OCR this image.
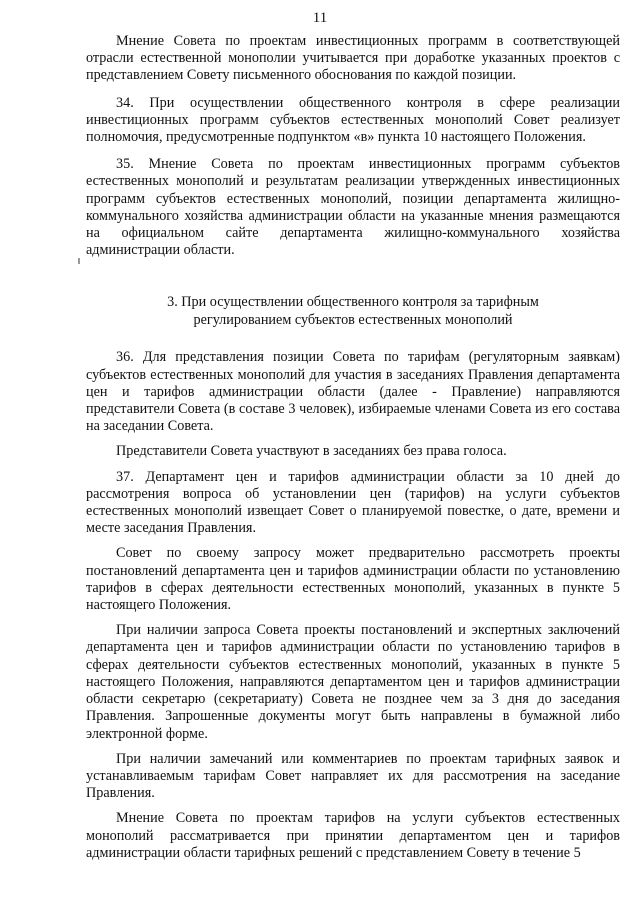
11

Мнение Совета по проектам инвестиционных программ в соответствующей отрасли естественной монополии учитывается при доработке указанных проектов с представлением Совету письменного обоснования по каждой позиции.

34. При осуществлении общественного контроля в сфере реализации инвестиционных программ субъектов естественных монополий Совет реализует полномочия, предусмотренные подпунктом «в» пункта 10 настоящего Положения.

35. Мнение Совета по проектам инвестиционных программ субъектов естественных монополий и результатам реализации утвержденных инвестиционных программ субъектов естественных монополий, позиции департамента жилищно-коммунального хозяйства администрации области на указанные мнения размещаются на официальном сайте департамента жилищно-коммунального хозяйства администрации области.

3. При осуществлении общественного контроля за тарифным регулированием субъектов естественных монополий

36. Для представления позиции Совета по тарифам (регуляторным заявкам) субъектов естественных монополий для участия в заседаниях Правления департамента цен и тарифов администрации области (далее - Правление) направляются представители Совета (в составе 3 человек), избираемые членами Совета из его состава на заседании Совета.

Представители Совета участвуют в заседаниях без права голоса.

37. Департамент цен и тарифов администрации области за 10 дней до рассмотрения вопроса об установлении цен (тарифов) на услуги субъектов естественных монополий извещает Совет о планируемой повестке, о дате, времени и месте заседания Правления.

Совет по своему запросу может предварительно рассмотреть проекты постановлений департамента цен и тарифов администрации области по установлению тарифов в сферах деятельности естественных монополий, указанных в пункте 5 настоящего Положения.

При наличии запроса Совета проекты постановлений и экспертных заключений департамента цен и тарифов администрации области по установлению тарифов в сферах деятельности субъектов естественных монополий, указанных в пункте 5 настоящего Положения, направляются департаментом цен и тарифов администрации области секретарю (секретариату) Совета не позднее чем за 3 дня до заседания Правления. Запрошенные документы могут быть направлены в бумажной либо электронной форме.

При наличии замечаний или комментариев по проектам тарифных заявок и устанавливаемым тарифам Совет направляет их для рассмотрения на заседание Правления.

Мнение Совета по проектам тарифов на услуги субъектов естественных монополий рассматривается при принятии департаментом цен и тарифов администрации области тарифных решений с представлением Совету в течение 5
